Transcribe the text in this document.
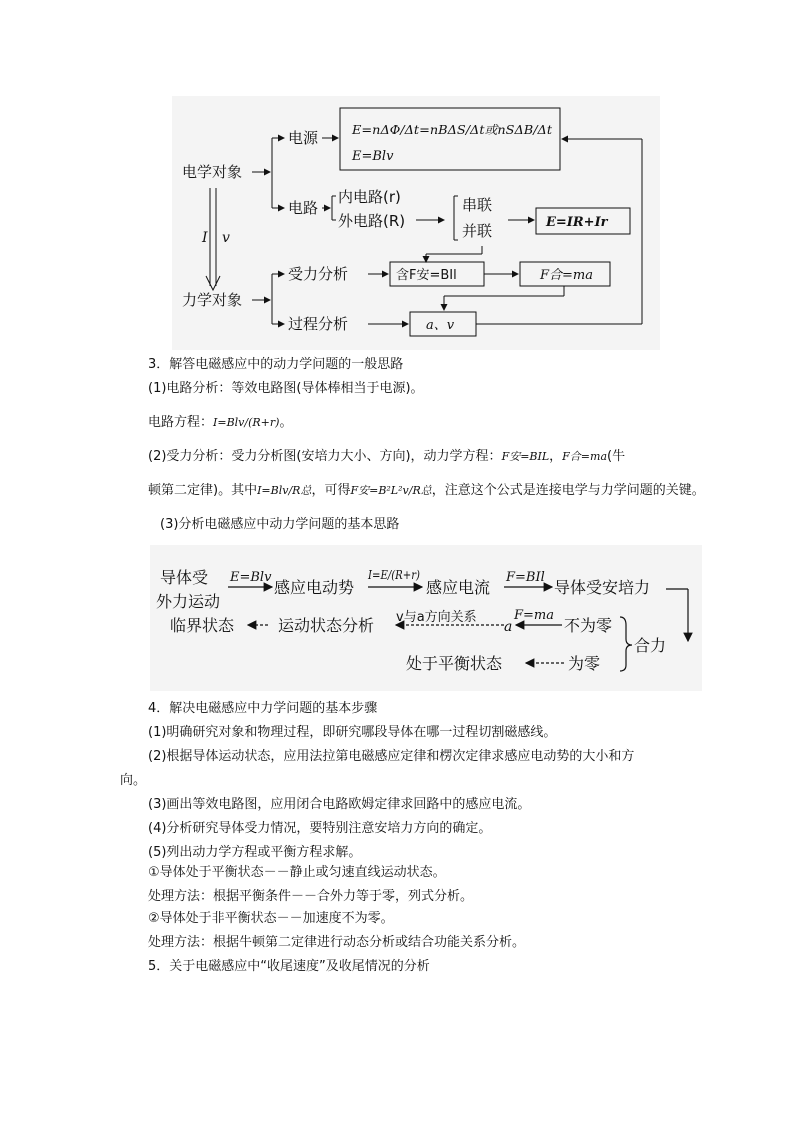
电学对象
力学对象
电源
电路
内电路(r)
外电路(R)
串联
并联
受力分析
过程分析
E=nΔΦ/Δt=nBΔS/Δt或nSΔB/Δt
E=Blv
E=IR+Ir
含F安=BIl	F合=ma
a、v
I v
3．解答电磁感应中的动力学问题的一般思路
(1)电路分析：等效电路图(导体棒相当于电源)。
电路方程：I=Blv/(R+r)。
(2)受力分析：受力分析图(安培力大小、方向)，动力学方程：F安=BIL，F合=ma(牛
顿第二定律)。其中I=Blv/R总，可得F安=B²L²v/R总，注意这个公式是连接电学与力学问题的关键。
(3)分析电磁感应中动力学问题的基本思路
导体受
外力运动
感应电动势	感应电流	导体受安培力
合力
不为零
为零
运动状态分析
临界状态
处于平衡状态
a
v与a方向关系
E=Blv	I=E/(R+r)	F=BIl
F=ma
4．解决电磁感应中力学问题的基本步骤
(1)明确研究对象和物理过程，即研究哪段导体在哪一过程切割磁感线。
(2)根据导体运动状态，应用法拉第电磁感应定律和楞次定律求感应电动势的大小和方
向。
(3)画出等效电路图，应用闭合电路欧姆定律求回路中的感应电流。
(4)分析研究导体受力情况，要特别注意安培力方向的确定。
(5)列出动力学方程或平衡方程求解。
①导体处于平衡状态－－静止或匀速直线运动状态。
处理方法：根据平衡条件－－合外力等于零，列式分析。
②导体处于非平衡状态－－加速度不为零。
处理方法：根据牛顿第二定律进行动态分析或结合功能关系分析。
5．关于电磁感应中“收尾速度”及收尾情况的分析
